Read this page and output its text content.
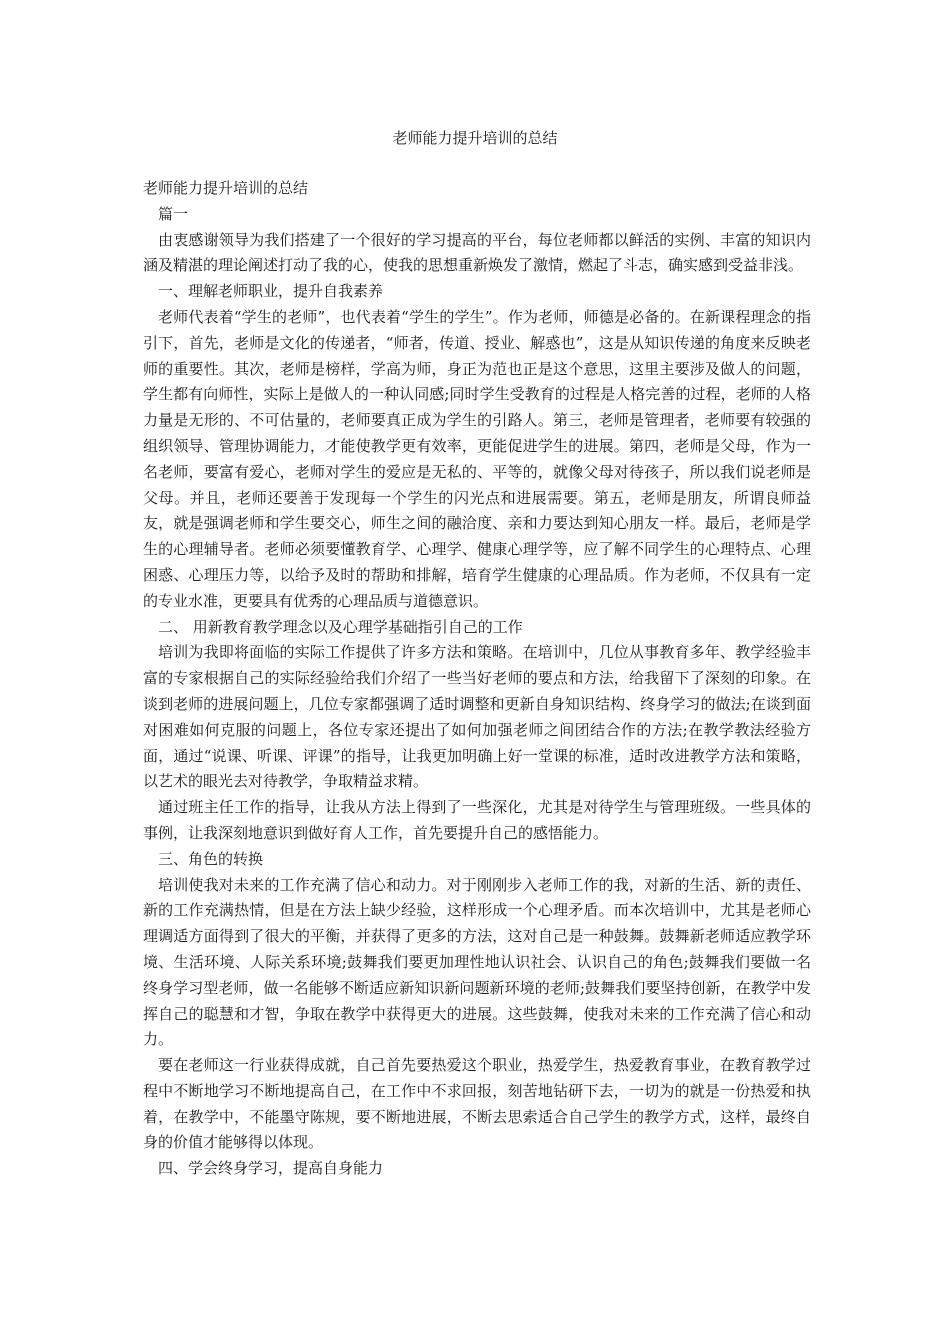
老师能力提升培训的总结

老师能力提升培训的总结

篇一

由衷感谢领导为我们搭建了一个很好的学习提高的平台，每位老师都以鲜活的实例、丰富的知识内涵及精湛的理论阐述打动了我的心，使我的思想重新焕发了激情，燃起了斗志，确实感到受益非浅。

一、理解老师职业，提升自我素养

老师代表着“学生的老师”，也代表着“学生的学生”。作为老师，师德是必备的。在新课程理念的指引下，首先，老师是文化的传递者，“师者，传道、授业、解惑也”，这是从知识传递的角度来反映老师的重要性。其次，老师是榜样，学高为师，身正为范也正是这个意思，这里主要涉及做人的问题，学生都有向师性，实际上是做人的一种认同感;同时学生受教育的过程是人格完善的过程，老师的人格力量是无形的、不可估量的，老师要真正成为学生的引路人。第三，老师是管理者，老师要有较强的组织领导、管理协调能力，才能使教学更有效率，更能促进学生的进展。第四，老师是父母，作为一名老师，要富有爱心，老师对学生的爱应是无私的、平等的，就像父母对待孩子，所以我们说老师是父母。并且，老师还要善于发现每一个学生的闪光点和进展需要。第五，老师是朋友，所谓良师益友，就是强调老师和学生要交心，师生之间的融洽度、亲和力要达到知心朋友一样。最后，老师是学生的心理辅导者。老师必须要懂教育学、心理学、健康心理学等，应了解不同学生的心理特点、心理困惑、心理压力等，以给予及时的帮助和排解，培育学生健康的心理品质。作为老师，不仅具有一定的专业水准，更要具有优秀的心理品质与道德意识。

二、 用新教育教学理念以及心理学基础指引自己的工作

培训为我即将面临的实际工作提供了许多方法和策略。在培训中，几位从事教育多年、教学经验丰富的专家根据自己的实际经验给我们介绍了一些当好老师的要点和方法，给我留下了深刻的印象。在谈到老师的进展问题上，几位专家都强调了适时调整和更新自身知识结构、终身学习的做法;在谈到面对困难如何克服的问题上，各位专家还提出了如何加强老师之间团结合作的方法;在教学教法经验方面，通过“说课、听课、评课”的指导，让我更加明确上好一堂课的标准，适时改进教学方法和策略，以艺术的眼光去对待教学，争取精益求精。

通过班主任工作的指导，让我从方法上得到了一些深化，尤其是对待学生与管理班级。一些具体的事例，让我深刻地意识到做好育人工作，首先要提升自己的感悟能力。

三、角色的转换

培训使我对未来的工作充满了信心和动力。对于刚刚步入老师工作的我，对新的生活、新的责任、新的工作充满热情，但是在方法上缺少经验，这样形成一个心理矛盾。而本次培训中，尤其是老师心理调适方面得到了很大的平衡，并获得了更多的方法，这对自己是一种鼓舞。鼓舞新老师适应教学环境、生活环境、人际关系环境;鼓舞我们要更加理性地认识社会、认识自己的角色;鼓舞我们要做一名终身学习型老师，做一名能够不断适应新知识新问题新环境的老师;鼓舞我们要坚持创新，在教学中发挥自己的聪慧和才智，争取在教学中获得更大的进展。这些鼓舞，使我对未来的工作充满了信心和动力。

要在老师这一行业获得成就，自己首先要热爱这个职业，热爱学生，热爱教育事业，在教育教学过程中不断地学习不断地提高自己，在工作中不求回报，刻苦地钻研下去，一切为的就是一份热爱和执着，在教学中，不能墨守陈规，要不断地进展，不断去思索适合自己学生的教学方式，这样，最终自身的价值才能够得以体现。

四、学会终身学习，提高自身能力
